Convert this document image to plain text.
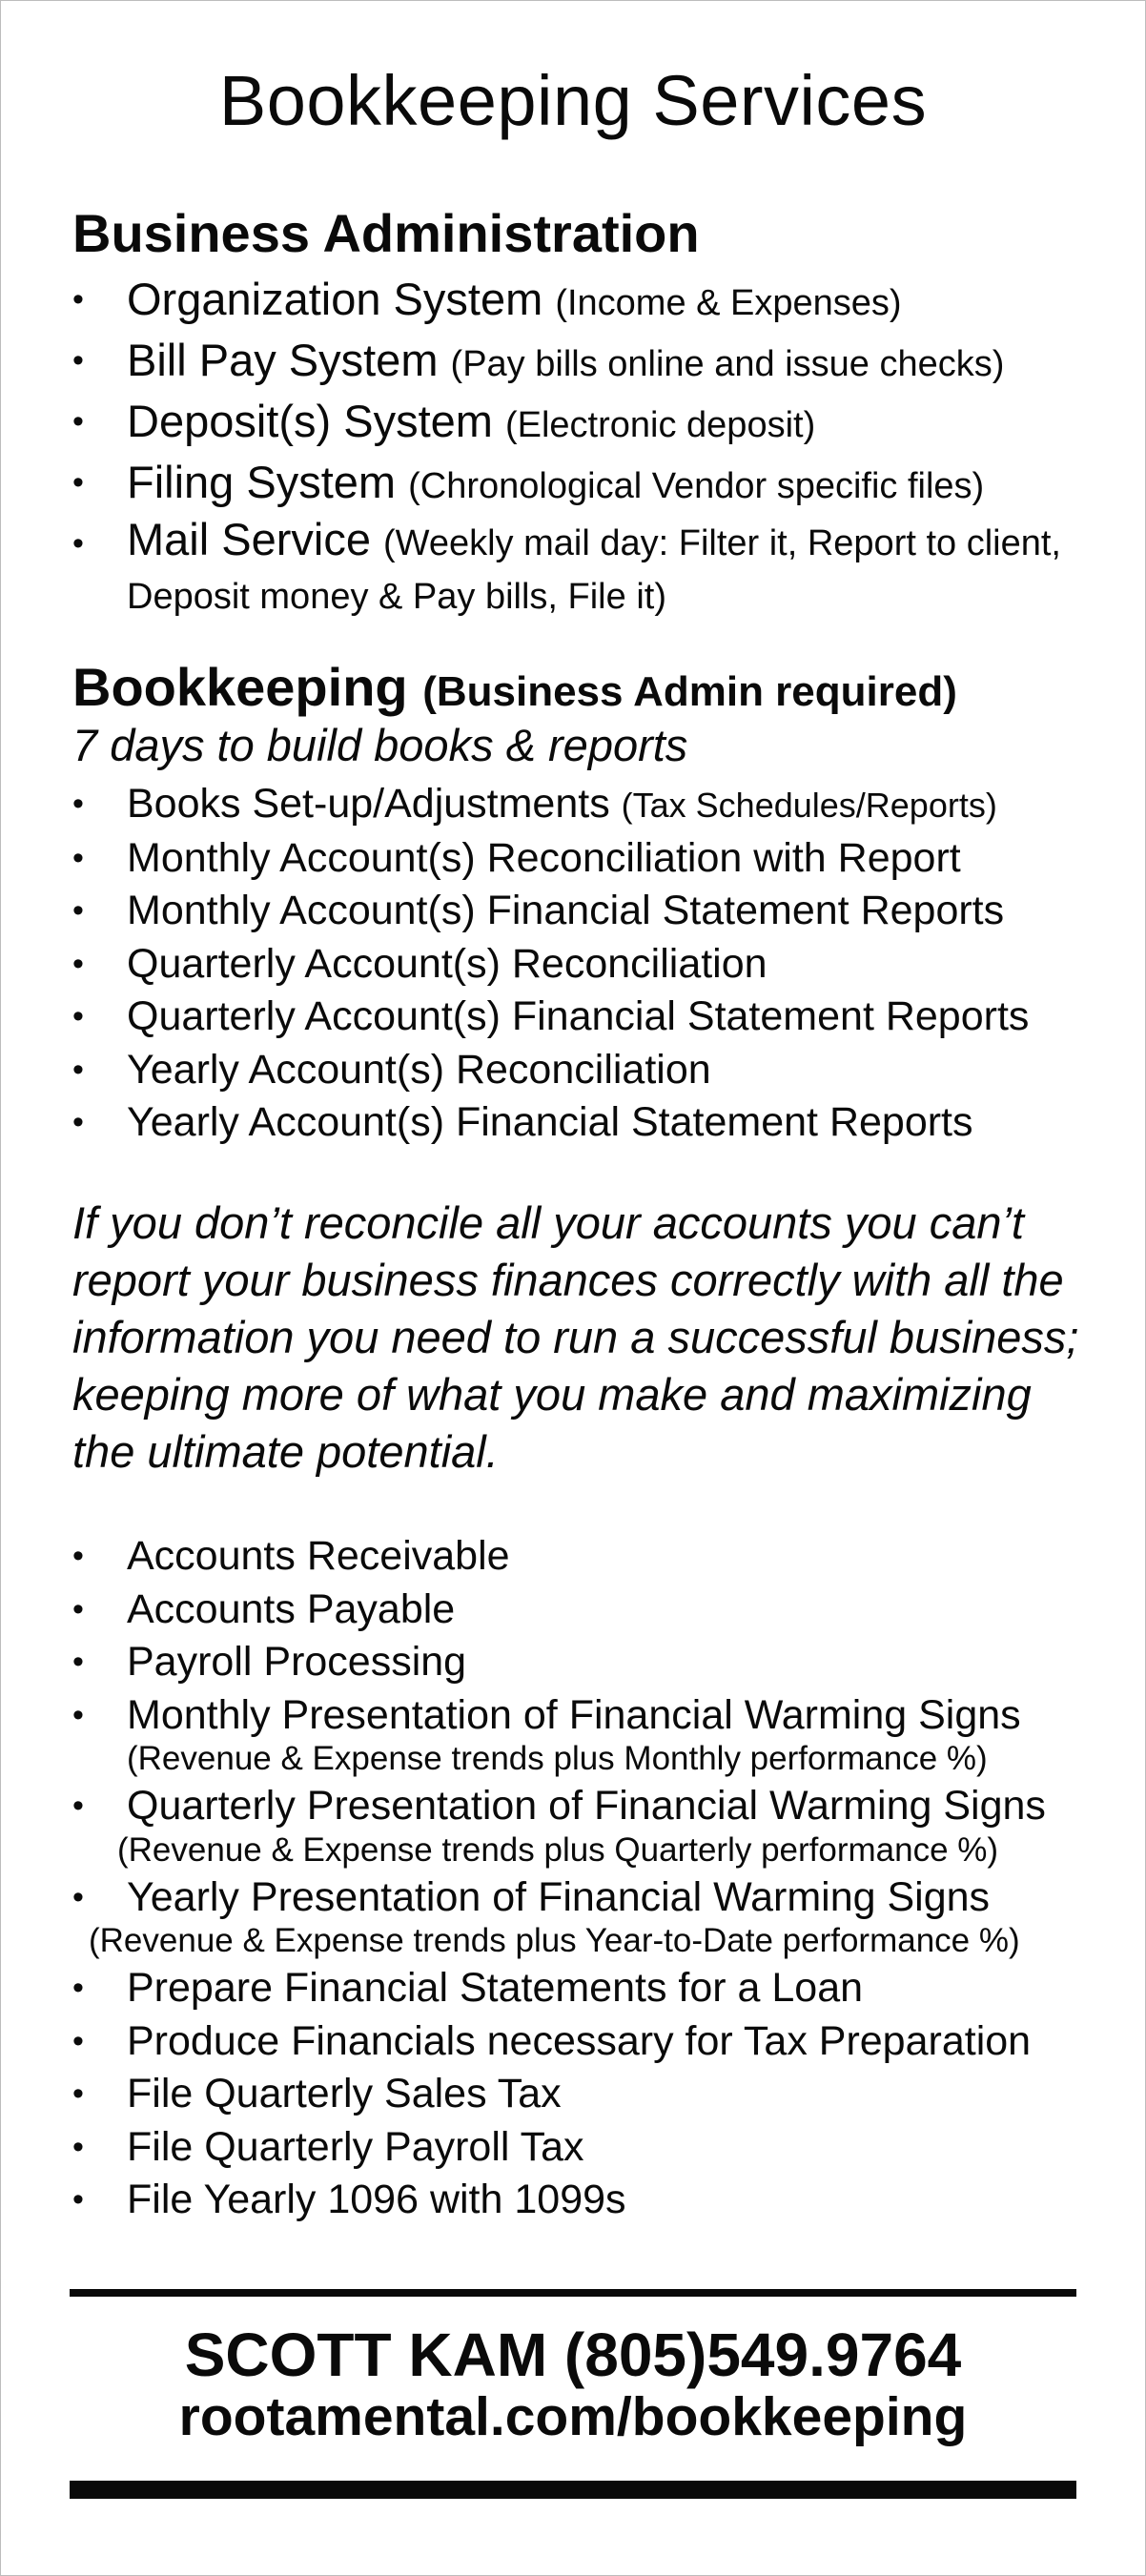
Bookkeeping Services
Business Administration
• Organization System (Income & Expenses)
• Bill Pay System (Pay bills online and issue checks)
• Deposit(s) System (Electronic deposit)
• Filing System (Chronological Vendor specific files)
• Mail Service (Weekly mail day: Filter it, Report to client, Deposit money & Pay bills, File it)
Bookkeeping (Business Admin required)
7 days to build books & reports
• Books Set-up/Adjustments (Tax Schedules/Reports)
• Monthly Account(s) Reconciliation with Report
• Monthly Account(s) Financial Statement Reports
• Quarterly Account(s) Reconciliation
• Quarterly Account(s) Financial Statement Reports
• Yearly Account(s) Reconciliation
• Yearly Account(s) Financial Statement Reports
If you don’t reconcile all your accounts you can’t report your business finances correctly with all the information you need to run a successful business; keeping more of what you make and maximizing the ultimate potential.
• Accounts Receivable
• Accounts Payable
• Payroll Processing
• Monthly Presentation of Financial Warming Signs
(Revenue & Expense trends plus Monthly performance %)
• Quarterly Presentation of Financial Warming Signs
(Revenue & Expense trends plus Quarterly performance %)
• Yearly Presentation of Financial Warming Signs
(Revenue & Expense trends plus Year-to-Date performance %)
• Prepare Financial Statements for a Loan
• Produce Financials necessary for Tax Preparation
• File Quarterly Sales Tax
• File Quarterly Payroll Tax
• File Yearly 1096 with 1099s
SCOTT KAM (805)549.9764
rootamental.com/bookkeeping
